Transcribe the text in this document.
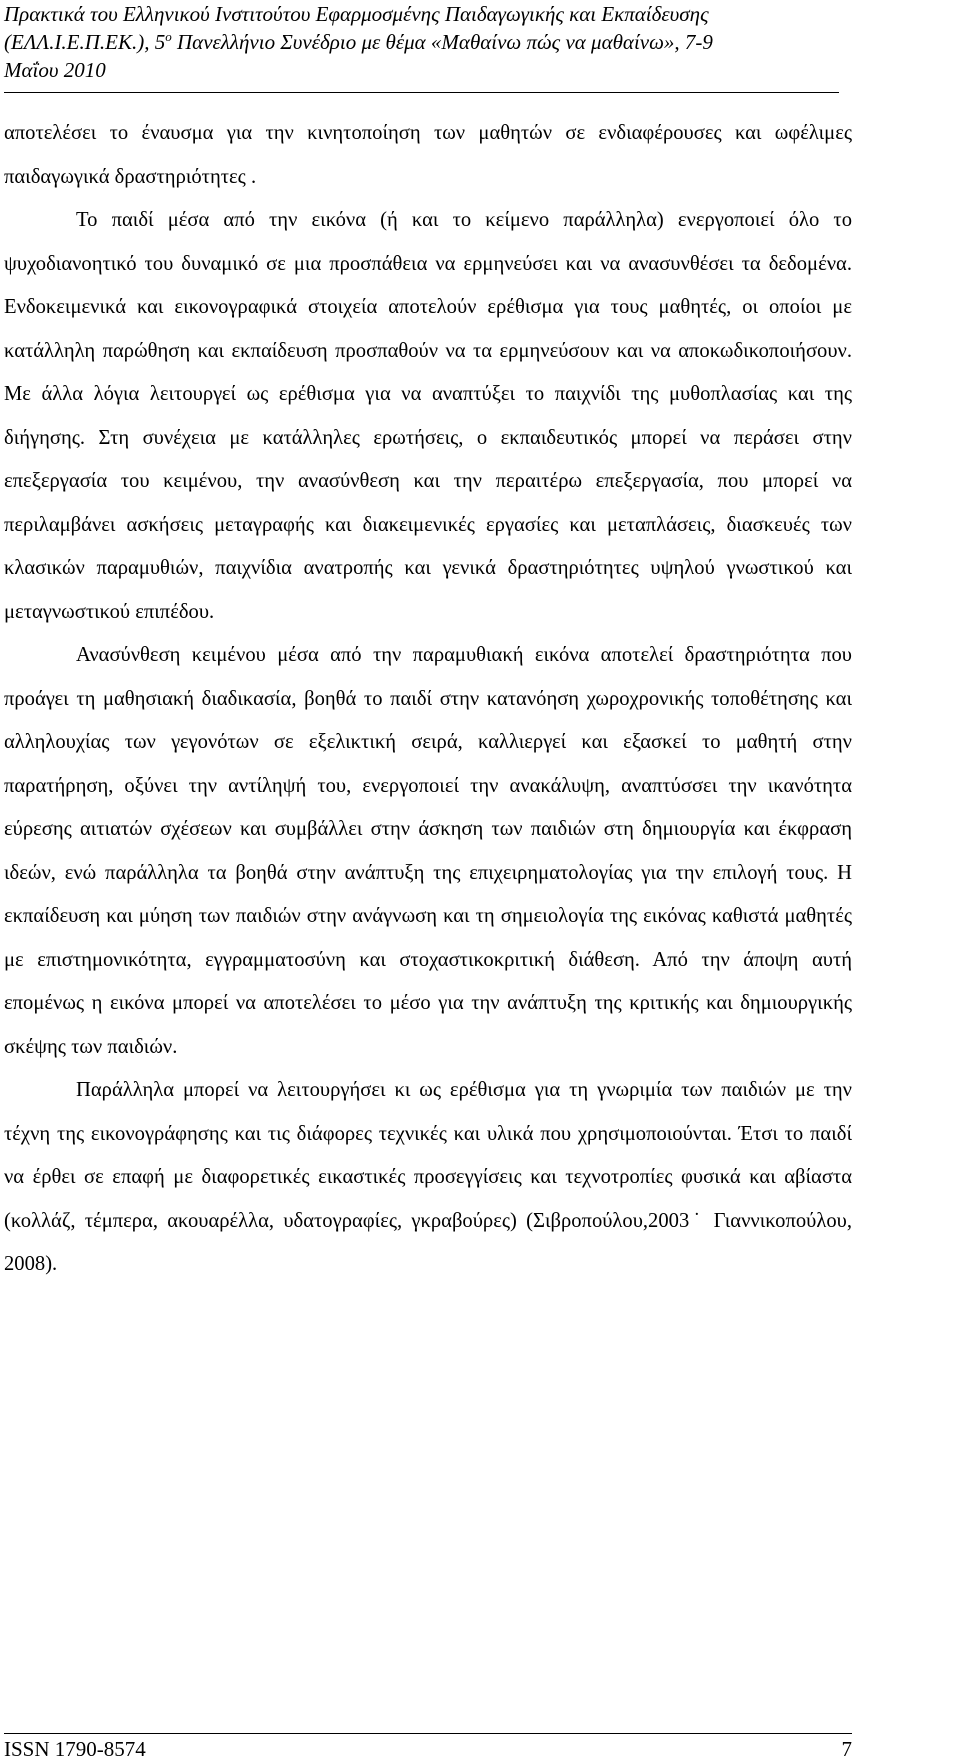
Πρακτικά του Ελληνικού Ινστιτούτου Εφαρμοσμένης Παιδαγωγικής και Εκπαίδευσης
(ΕΛΛ.Ι.Ε.Π.ΕΚ.), $5^o$ Πανελλήνιο Συνέδριο με θέμα «Μαθαίνω πώς να μαθαίνω», 7-9
Μαΐου 2010

αποτελέσει το έναυσμα για την κινητοποίηση των μαθητών σε ενδιαφέρουσες και ωφέλιμες παιδαγωγικά δραστηριότητες .

Το παιδί μέσα από την εικόνα (ή και το κείμενο παράλληλα) ενεργοποιεί όλο το ψυχοδιανοητικό του δυναμικό σε μια προσπάθεια να ερμηνεύσει και να ανασυνθέσει τα δεδομένα. Ενδοκειμενικά και εικονογραφικά στοιχεία αποτελούν ερέθισμα για τους μαθητές, οι οποίοι με κατάλληλη παρώθηση και εκπαίδευση προσπαθούν να τα ερμηνεύσουν και να αποκωδικοποιήσουν. Με άλλα λόγια λειτουργεί ως ερέθισμα για να αναπτύξει το παιχνίδι της μυθοπλασίας και της διήγησης. Στη συνέχεια με κατάλληλες ερωτήσεις, ο εκπαιδευτικός μπορεί να περάσει στην επεξεργασία του κειμένου, την ανασύνθεση και την περαιτέρω επεξεργασία, που μπορεί να περιλαμβάνει ασκήσεις μεταγραφής και διακειμενικές εργασίες και μεταπλάσεις, διασκευές των κλασικών παραμυθιών, παιχνίδια ανατροπής και γενικά δραστηριότητες υψηλού γνωστικού και μεταγνωστικού επιπέδου.

Ανασύνθεση κειμένου μέσα από την παραμυθιακή εικόνα αποτελεί δραστηριότητα που προάγει τη μαθησιακή διαδικασία, βοηθά το παιδί στην κατανόηση χωροχρονικής τοποθέτησης και αλληλουχίας των γεγονότων σε εξελικτική σειρά, καλλιεργεί και εξασκεί το μαθητή στην παρατήρηση, οξύνει την αντίληψή του, ενεργοποιεί την ανακάλυψη, αναπτύσσει την ικανότητα εύρεσης αιτιατών σχέσεων και συμβάλλει στην άσκηση των παιδιών στη δημιουργία και έκφραση ιδεών, ενώ παράλληλα τα βοηθά στην ανάπτυξη της επιχειρηματολογίας για την επιλογή τους. Η εκπαίδευση και μύηση των παιδιών στην ανάγνωση και τη σημειολογία της εικόνας καθιστά μαθητές με επιστημονικότητα, εγγραμματοσύνη και στοχαστικοκριτική διάθεση. Από την άποψη αυτή επομένως η εικόνα μπορεί να αποτελέσει το μέσο για την ανάπτυξη της κριτικής και δημιουργικής σκέψης των παιδιών.

Παράλληλα μπορεί να λειτουργήσει κι ως ερέθισμα για τη γνωριμία των παιδιών με την τέχνη της εικονογράφησης και τις διάφορες τεχνικές και υλικά που χρησιμοποιούνται. Έτσι το παιδί να έρθει σε επαφή με διαφορετικές εικαστικές προσεγγίσεις και τεχνοτροπίες φυσικά και αβίαστα (κολλάζ, τέμπερα, ακουαρέλλα, υδατογραφίες, γκραβούρες) (Σιβροπούλου,2003˙ Γιαννικοπούλου, 2008).

ISSN 1790-8574	7
